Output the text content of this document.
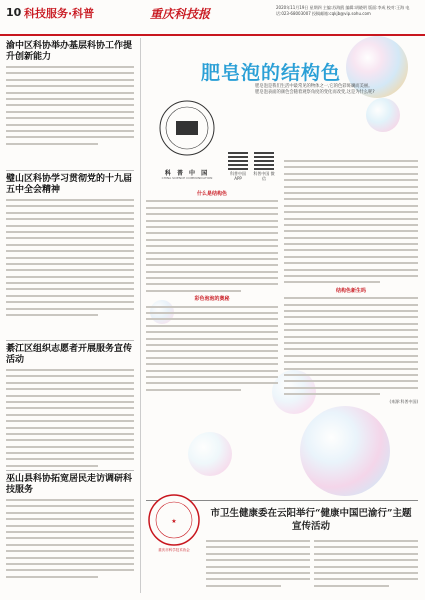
10 科技服务·科普	重庆科技报	2020年11月19日 星期四 主编:苏海鸥 编辑:胡晓明 版面:李成 校对:王海 电话:023-68003007 投稿邮箱:cqkjb@vip.sohu.com
渝中区科协举办基层科协工作提升创新能力
璧山区科协学习贯彻党的十九届五中全会精神
綦江区组织志愿者开展服务宣传活动
巫山县科协拓宽居民走访调研科技服务
肥皂泡的结构色
科 普 中 国
CHINA SCIENCE COMMUNICATION
科普中国 APP
科普中国 微信
肥皂泡是我们生活中最常见的物体之一,它的色彩斑斓而美丽。肥皂泡表面的颜色会随着观察角度的变化而改变,这是为什么呢?
什么是结构色
彩色泡泡的奥秘
结构色新生吗
(来源:科普中国)
★
重庆市科学技术协会
市卫生健康委在云阳举行“健康中国巴渝行”主题宣传活动
